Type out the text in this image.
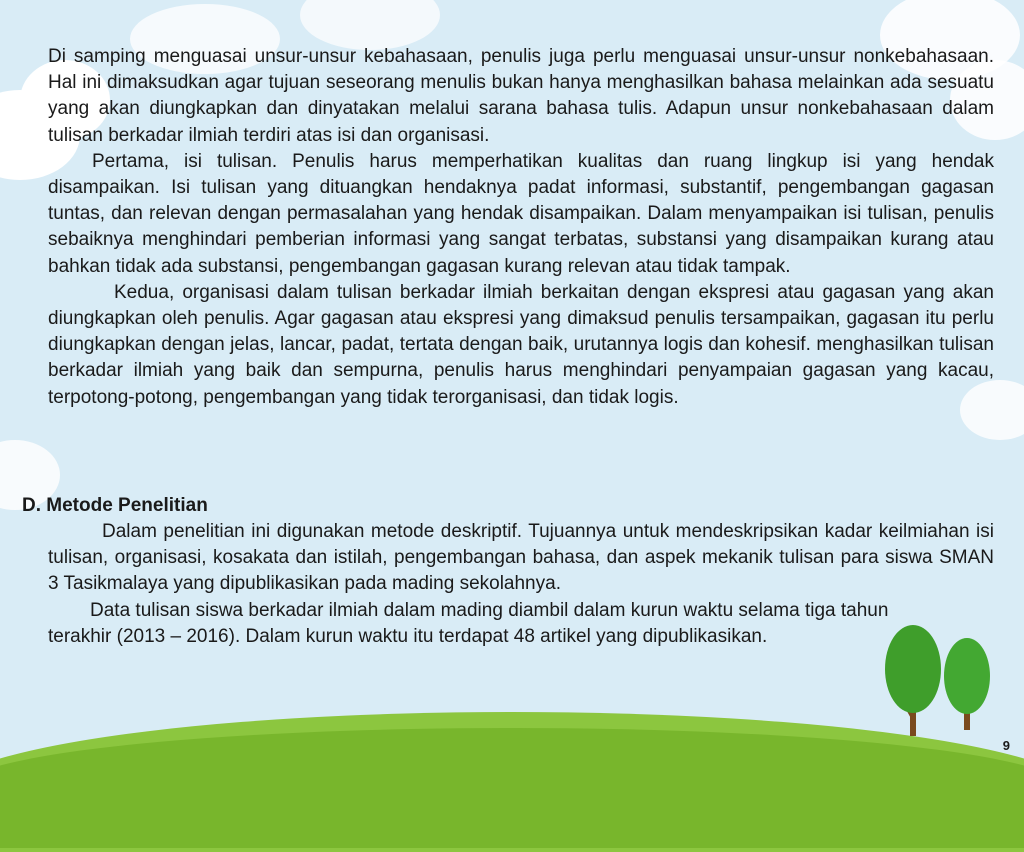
Di samping menguasai unsur-unsur kebahasaan, penulis juga perlu menguasai unsur-unsur nonkebahasaan. Hal ini dimaksudkan agar tujuan seseorang menulis bukan hanya menghasilkan bahasa melainkan ada sesuatu yang akan diungkapkan dan dinyatakan melalui sarana bahasa tulis. Adapun unsur nonkebahasaan dalam tulisan berkadar ilmiah terdiri atas isi dan organisasi.

Pertama, isi tulisan. Penulis harus memperhatikan kualitas dan ruang lingkup isi yang hendak disampaikan. Isi tulisan yang dituangkan hendaknya padat informasi, substantif, pengembangan gagasan tuntas, dan relevan dengan permasalahan yang hendak disampaikan. Dalam menyampaikan isi tulisan, penulis sebaiknya menghindari pemberian informasi yang sangat terbatas, substansi yang disampaikan kurang atau bahkan tidak ada substansi, pengembangan gagasan kurang relevan atau tidak tampak.

Kedua, organisasi dalam tulisan berkadar ilmiah berkaitan dengan ekspresi atau gagasan yang akan diungkapkan oleh penulis. Agar gagasan atau ekspresi yang dimaksud penulis tersampaikan, gagasan itu perlu diungkapkan dengan jelas, lancar, padat, tertata dengan baik, urutannya logis dan kohesif. menghasilkan tulisan berkadar ilmiah yang baik dan sempurna, penulis harus menghindari penyampaian gagasan yang kacau, terpotong-potong, pengembangan yang tidak terorganisasi, dan tidak logis.

D. Metode Penelitian

Dalam penelitian ini digunakan metode deskriptif. Tujuannya untuk mendeskripsikan kadar keilmiahan isi tulisan, organisasi, kosakata dan istilah, pengembangan bahasa, dan aspek mekanik tulisan para siswa SMAN 3 Tasikmalaya yang dipublikasikan pada mading sekolahnya.

Data tulisan siswa berkadar ilmiah dalam mading diambil dalam kurun waktu selama tiga tahun terakhir (2013 – 2016). Dalam kurun waktu itu terdapat 48 artikel yang dipublikasikan.

9
